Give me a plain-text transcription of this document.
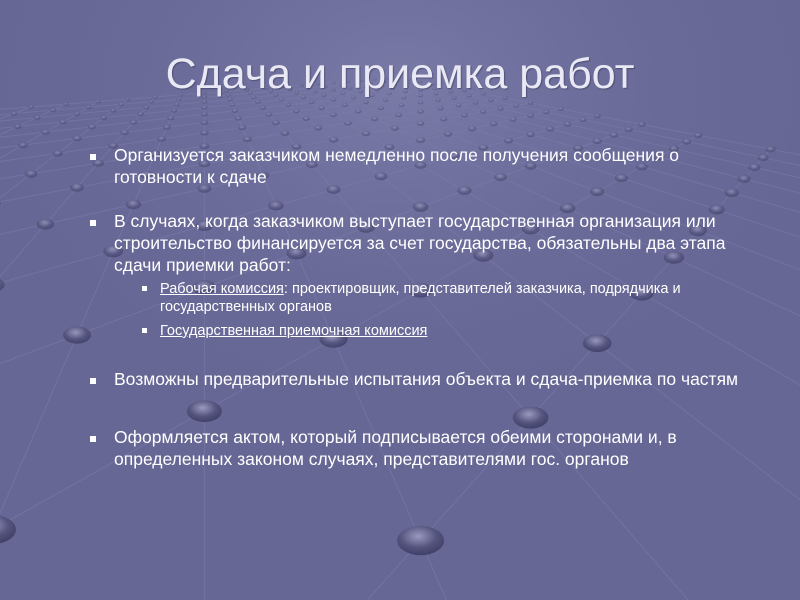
Сдача и приемка работ
Организуется заказчиком немедленно после получения сообщения о готовности к сдаче
В случаях, когда заказчиком выступает государственная организация или строительство финансируется за счет государства, обязательны два этапа сдачи приемки работ:
Рабочая комиссия: проектировщик, представителей заказчика, подрядчика и государственных органов
Государственная приемочная комиссия
Возможны предварительные испытания объекта и сдача-приемка по частям
Оформляется актом, который подписывается обеими сторонами и, в определенных законом случаях, представителями гос. органов
